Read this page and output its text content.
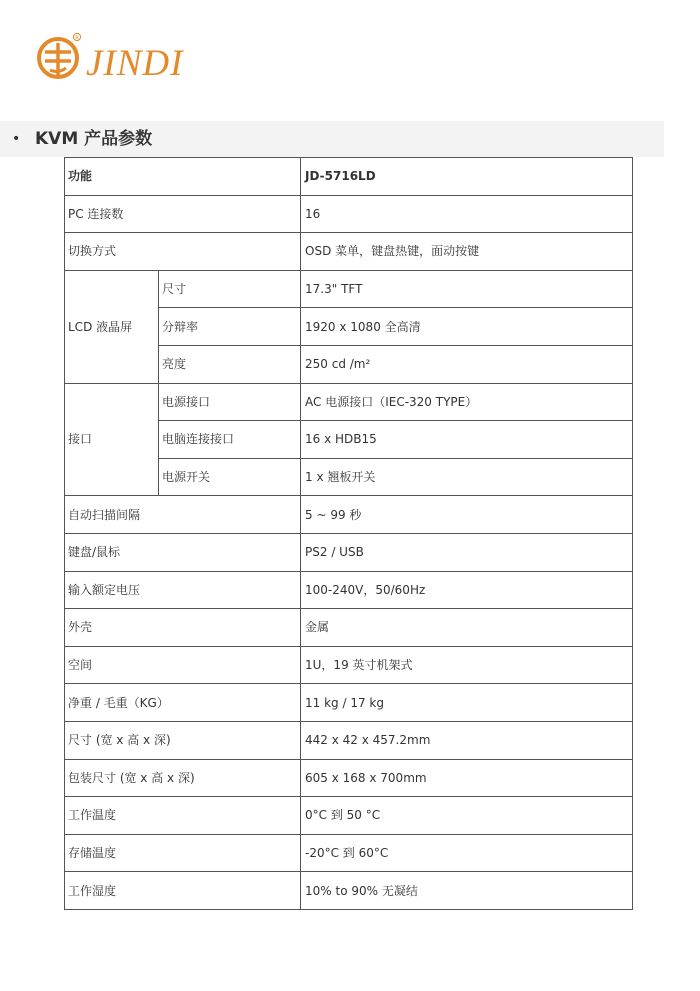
R
JINDI
• KVM 产品参数
功能		JD-5716LD
PC 连接数		16
切换方式		OSD 菜单，键盘热键，面动按键
LCD 液晶屏	尺寸	17.3" TFT
	分辩率	1920 x 1080 全高清
	亮度	250 cd /m²
接口	电源接口	AC 电源接口（IEC-320 TYPE）
	电脑连接接口	16 x HDB15
	电源开关	1 x 翘板开关
自动扫描间隔		5 ~ 99 秒
键盘/鼠标		PS2 / USB
输入额定电压		100-240V，50/60Hz
外壳		金属
空间		1U，19 英寸机架式
净重 / 毛重（KG）		11 kg / 17 kg
尺寸 (宽 x 高 x 深)		442 x 42 x 457.2mm
包装尺寸 (宽 x 高 x 深)		605 x 168 x 700mm
工作温度		0°C 到 50 °C
存储温度		-20°C 到 60°C
工作湿度		10% to 90% 无凝结
